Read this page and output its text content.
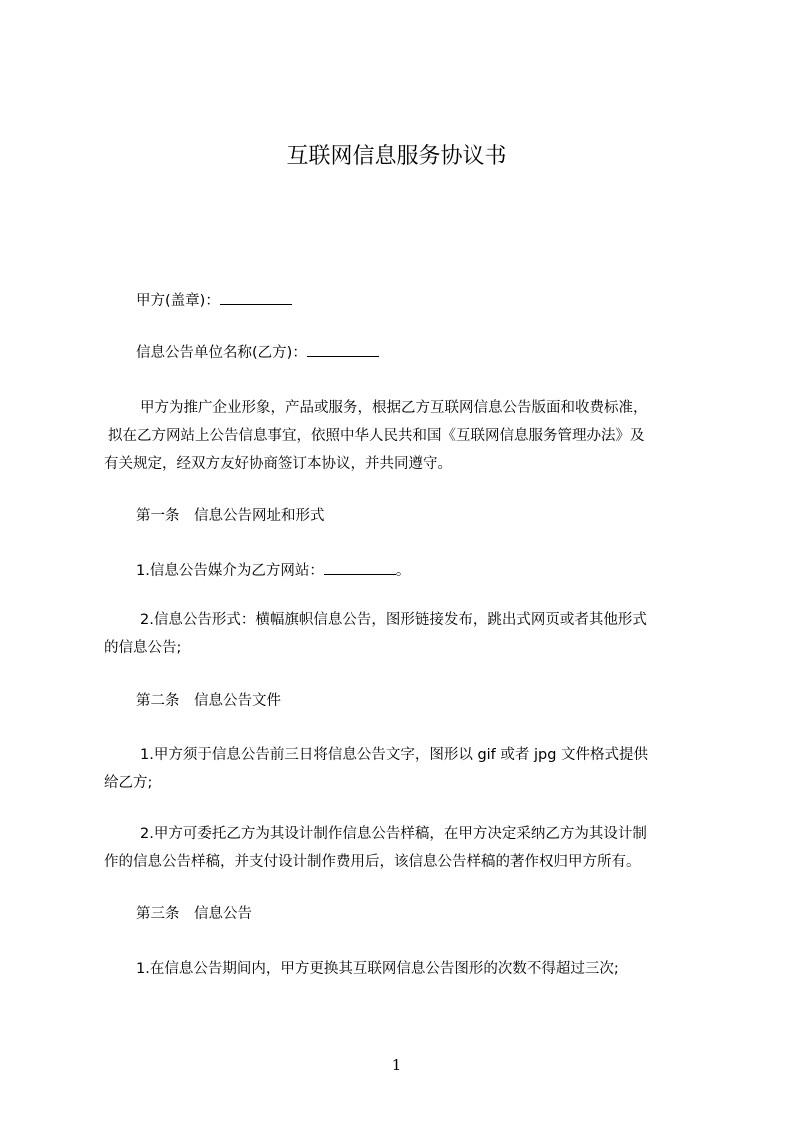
互联网信息服务协议书

甲方(盖章)：

信息公告单位名称(乙方)：

甲方为推广企业形象，产品或服务，根据乙方互联网信息公告版面和收费标准，
拟在乙方网站上公告信息事宜，依照中华人民共和国《互联网信息服务管理办法》及
有关规定，经双方友好协商签订本协议，并共同遵守。

第一条　信息公告网址和形式

1.信息公告媒介为乙方网站：	。

2.信息公告形式：横幅旗帜信息公告，图形链接发布，跳出式网页或者其他形式
的信息公告;

第二条　信息公告文件

1.甲方须于信息公告前三日将信息公告文字，图形以 gif 或者 jpg 文件格式提供
给乙方;
2.甲方可委托乙方为其设计制作信息公告样稿，在甲方决定采纳乙方为其设计制
作的信息公告样稿，并支付设计制作费用后，该信息公告样稿的著作权归甲方所有。

第三条　信息公告

1.在信息公告期间内，甲方更换其互联网信息公告图形的次数不得超过三次;

1
